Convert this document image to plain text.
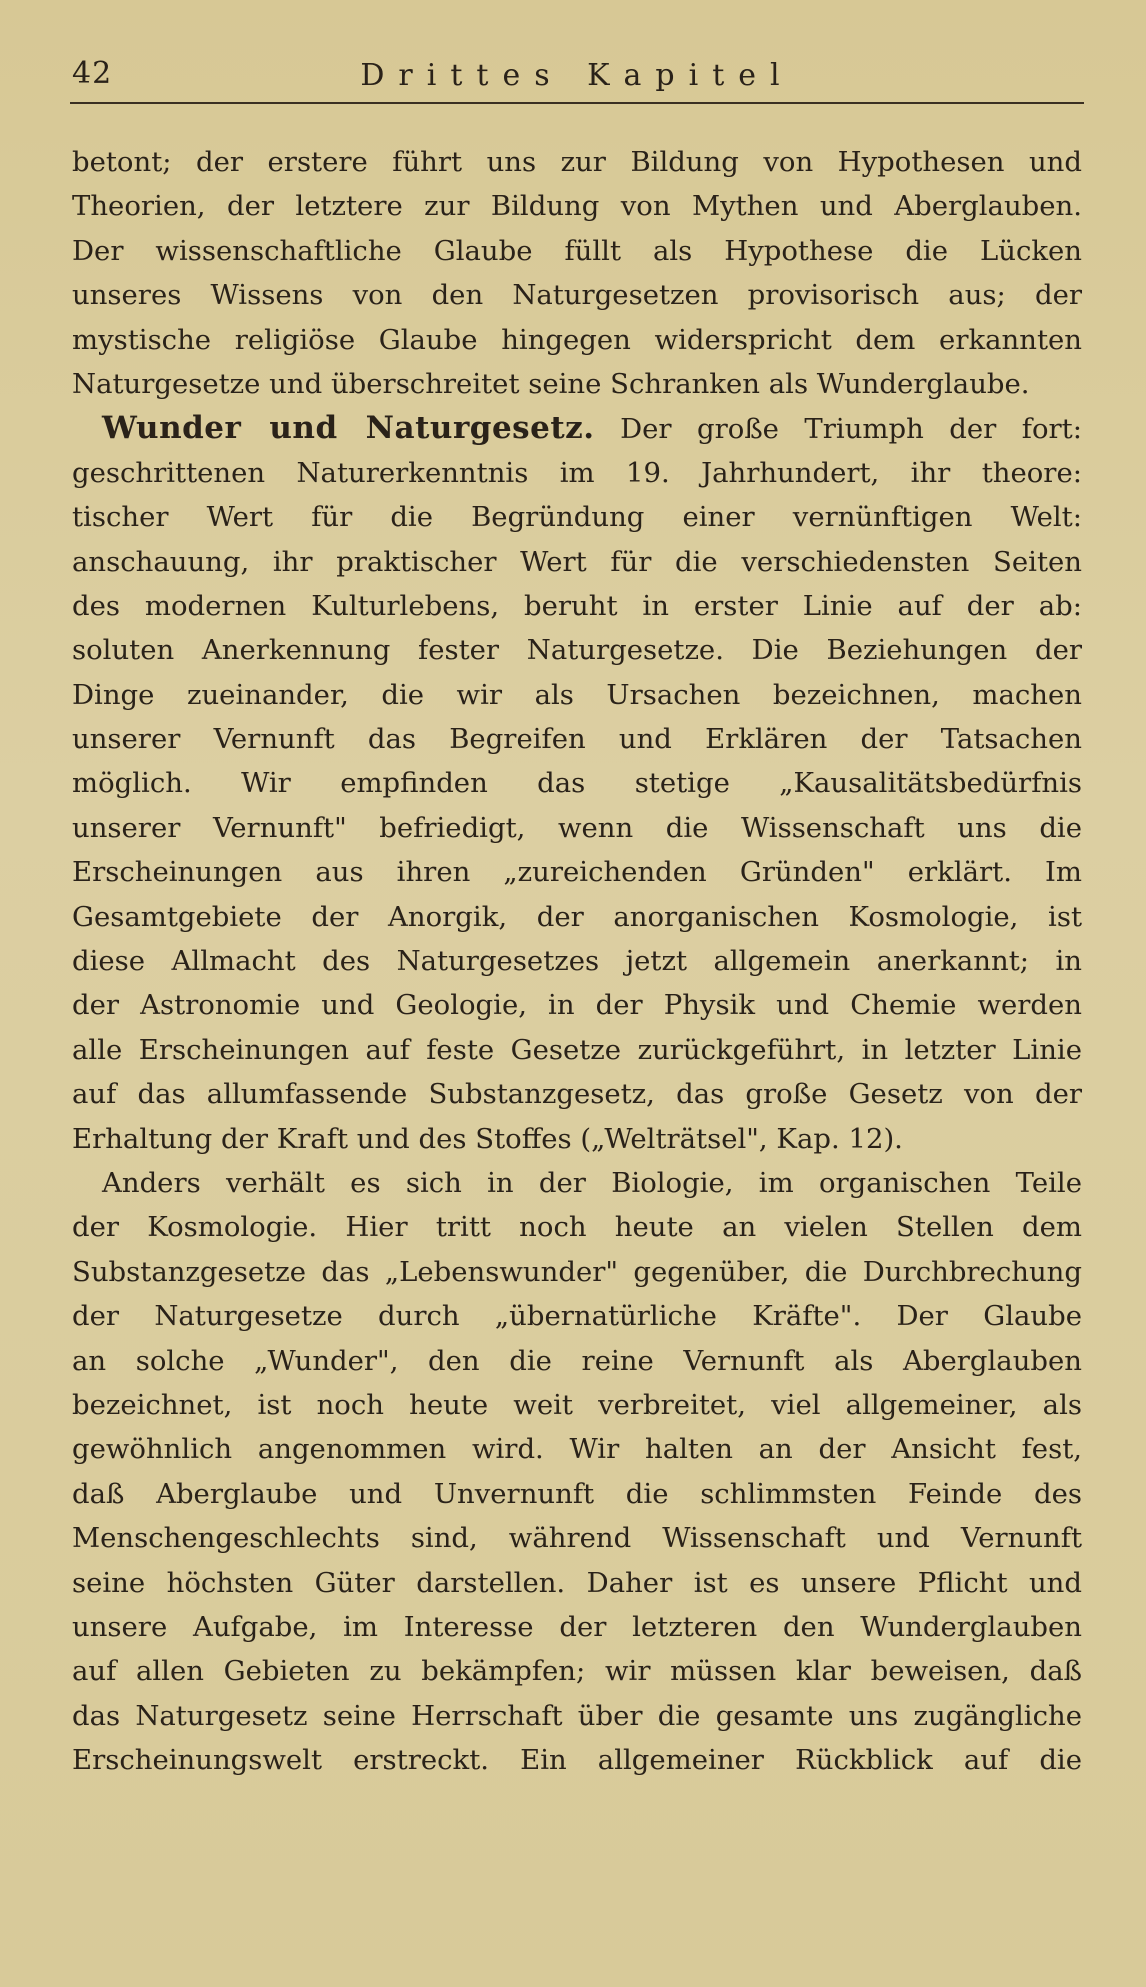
42	Drittes Kapitel
betont; der erstere führt uns zur Bildung von Hypothesen und
Theorien, der letztere zur Bildung von Mythen und Aberglauben.
Der wissenschaftliche Glaube füllt als Hypothese die Lücken
unseres Wissens von den Naturgesetzen provisorisch aus; der
mystische religiöse Glaube hingegen widerspricht dem erkannten
Naturgesetze und überschreitet seine Schranken als Wunderglaube.
Wunder und Naturgesetz. Der große Triumph der fort:
geschrittenen Naturerkenntnis im 19. Jahrhundert, ihr theore:
tischer Wert für die Begründung einer vernünftigen Welt:
anschauung, ihr praktischer Wert für die verschiedensten Seiten
des modernen Kulturlebens, beruht in erster Linie auf der ab:
soluten Anerkennung fester Naturgesetze. Die Beziehungen der
Dinge zueinander, die wir als Ursachen bezeichnen, machen
unserer Vernunft das Begreifen und Erklären der Tatsachen
möglich. Wir empfinden das stetige „Kausalitätsbedürfnis
unserer Vernunft" befriedigt, wenn die Wissenschaft uns die
Erscheinungen aus ihren „zureichenden Gründen" erklärt. Im
Gesamtgebiete der Anorgik, der anorganischen Kosmologie, ist
diese Allmacht des Naturgesetzes jetzt allgemein anerkannt; in
der Astronomie und Geologie, in der Physik und Chemie werden
alle Erscheinungen auf feste Gesetze zurückgeführt, in letzter Linie
auf das allumfassende Substanzgesetz, das große Gesetz von der
Erhaltung der Kraft und des Stoffes („Welträtsel", Kap. 12).
Anders verhält es sich in der Biologie, im organischen Teile
der Kosmologie. Hier tritt noch heute an vielen Stellen dem
Substanzgesetze das „Lebenswunder" gegenüber, die Durchbrechung
der Naturgesetze durch „übernatürliche Kräfte". Der Glaube
an solche „Wunder", den die reine Vernunft als Aberglauben
bezeichnet, ist noch heute weit verbreitet, viel allgemeiner, als
gewöhnlich angenommen wird. Wir halten an der Ansicht fest,
daß Aberglaube und Unvernunft die schlimmsten Feinde des
Menschengeschlechts sind, während Wissenschaft und Vernunft
seine höchsten Güter darstellen. Daher ist es unsere Pflicht und
unsere Aufgabe, im Interesse der letzteren den Wunderglauben
auf allen Gebieten zu bekämpfen; wir müssen klar beweisen, daß
das Naturgesetz seine Herrschaft über die gesamte uns zugängliche
Erscheinungswelt erstreckt. Ein allgemeiner Rückblick auf die
